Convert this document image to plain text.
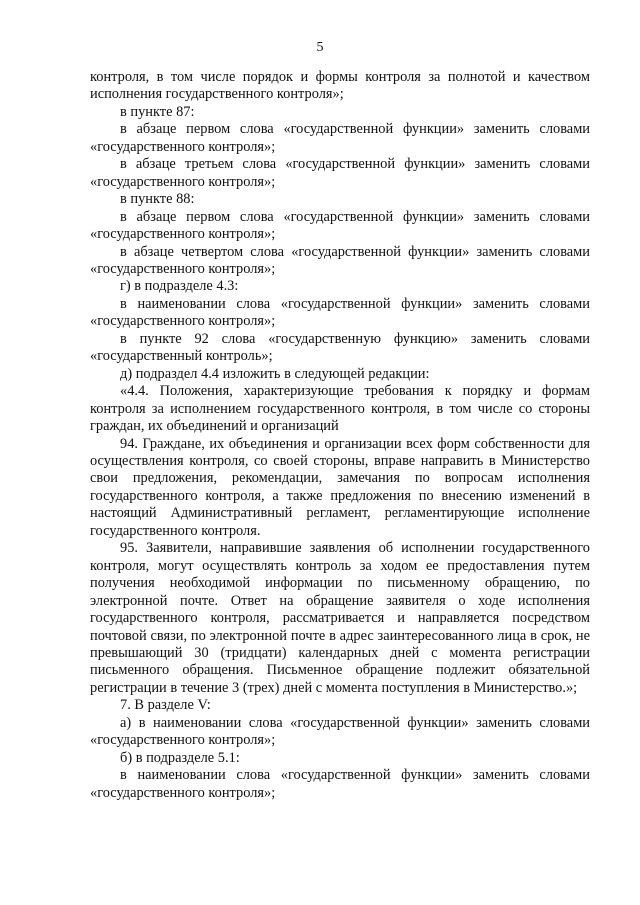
5

контроля, в том числе порядок и формы контроля за полнотой и качеством исполнения государственного контроля»;

в пункте 87:

в абзаце первом слова «государственной функции» заменить словами «государственного контроля»;

в абзаце третьем слова «государственной функции» заменить словами «государственного контроля»;

в пункте 88:

в абзаце первом слова «государственной функции» заменить словами «государственного контроля»;

в абзаце четвертом слова «государственной функции» заменить словами «государственного контроля»;

г) в подразделе 4.3:

в наименовании слова «государственной функции» заменить словами «государственного контроля»;

в пункте 92 слова «государственную функцию» заменить словами «государственный контроль»;

д) подраздел 4.4 изложить в следующей редакции:

«4.4. Положения, характеризующие требования к порядку и формам контроля за исполнением государственного контроля, в том числе со стороны граждан, их объединений и организаций

94. Граждане, их объединения и организации всех форм собственности для осуществления контроля, со своей стороны, вправе направить в Министерство свои предложения, рекомендации, замечания по вопросам исполнения государственного контроля, а также предложения по внесению изменений в настоящий Административный регламент, регламентирующие исполнение государственного контроля.

95. Заявители, направившие заявления об исполнении государственного контроля, могут осуществлять контроль за ходом ее предоставления путем получения необходимой информации по письменному обращению, по электронной почте. Ответ на обращение заявителя о ходе исполнения государственного контроля, рассматривается и направляется посредством почтовой связи, по электронной почте в адрес заинтересованного лица в срок, не превышающий 30 (тридцати) календарных дней с момента регистрации письменного обращения. Письменное обращение подлежит обязательной регистрации в течение 3 (трех) дней с момента поступления в Министерство.»;

7. В разделе V:

а) в наименовании слова «государственной функции» заменить словами «государственного контроля»;

б) в подразделе 5.1:

в наименовании слова «государственной функции» заменить словами «государственного контроля»;
